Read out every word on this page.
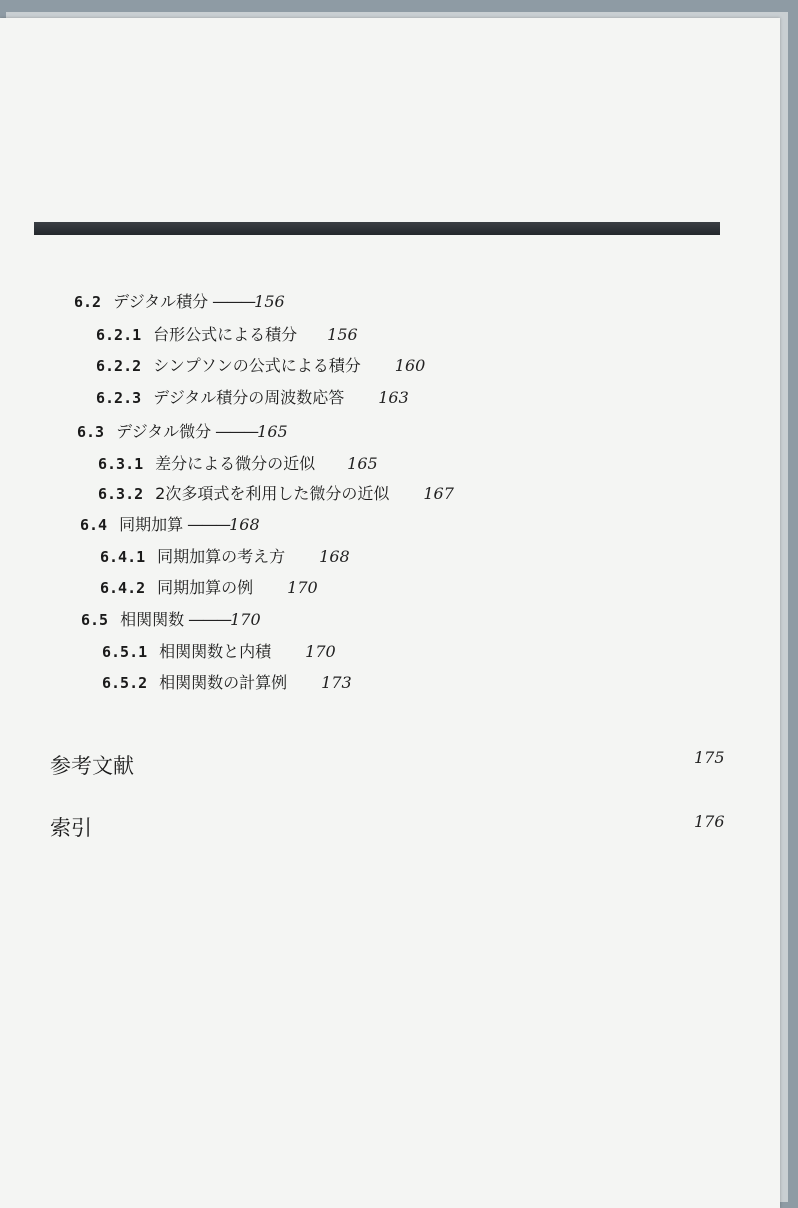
6.2 デジタル積分 ———156
6.2.1 台形公式による積分 156
6.2.2 シンプソンの公式による積分 160
6.2.3 デジタル積分の周波数応答 163
6.3 デジタル微分 ———165
6.3.1 差分による微分の近似 165
6.3.2 2次多項式を利用した微分の近似 167
6.4 同期加算 ———168
6.4.1 同期加算の考え方 168
6.4.2 同期加算の例 170
6.5 相関関数 ———170
6.5.1 相関関数と内積 170
6.5.2 相関関数の計算例 173
参考文献	175
索引	176
